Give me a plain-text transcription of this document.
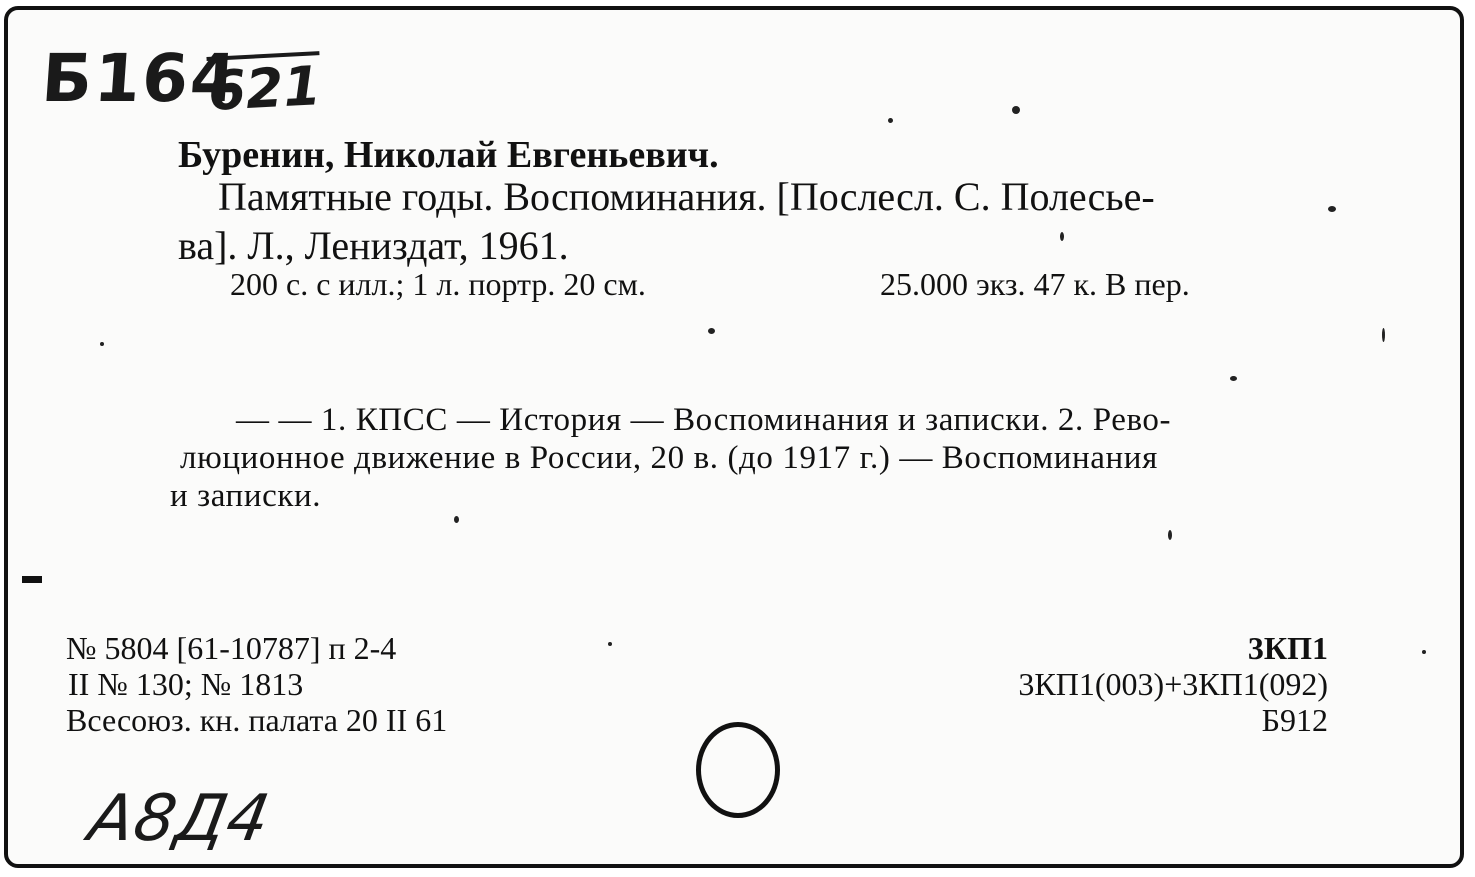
Б164
621
Буренин, Николай Евгеньевич.
Памятные годы. Воспоминания. [Послесл. С. Полесье-
ва]. Л., Лениздат, 1961.
200 с. с илл.; 1 л. портр. 20 см.	25.000 экз. 47 к. В пер.
— — 1. КПСС — История — Воспоминания и записки. 2. Рево-
люционное движение в России, 20 в. (до 1917 г.) — Воспоминания
и записки.
№ 5804 [61-10787] п 2-4
II № 130; № 1813
Всесоюз. кн. палата 20 II 61
3КП1
3КП1(003)+3КП1(092)
Б912
A8Д4
